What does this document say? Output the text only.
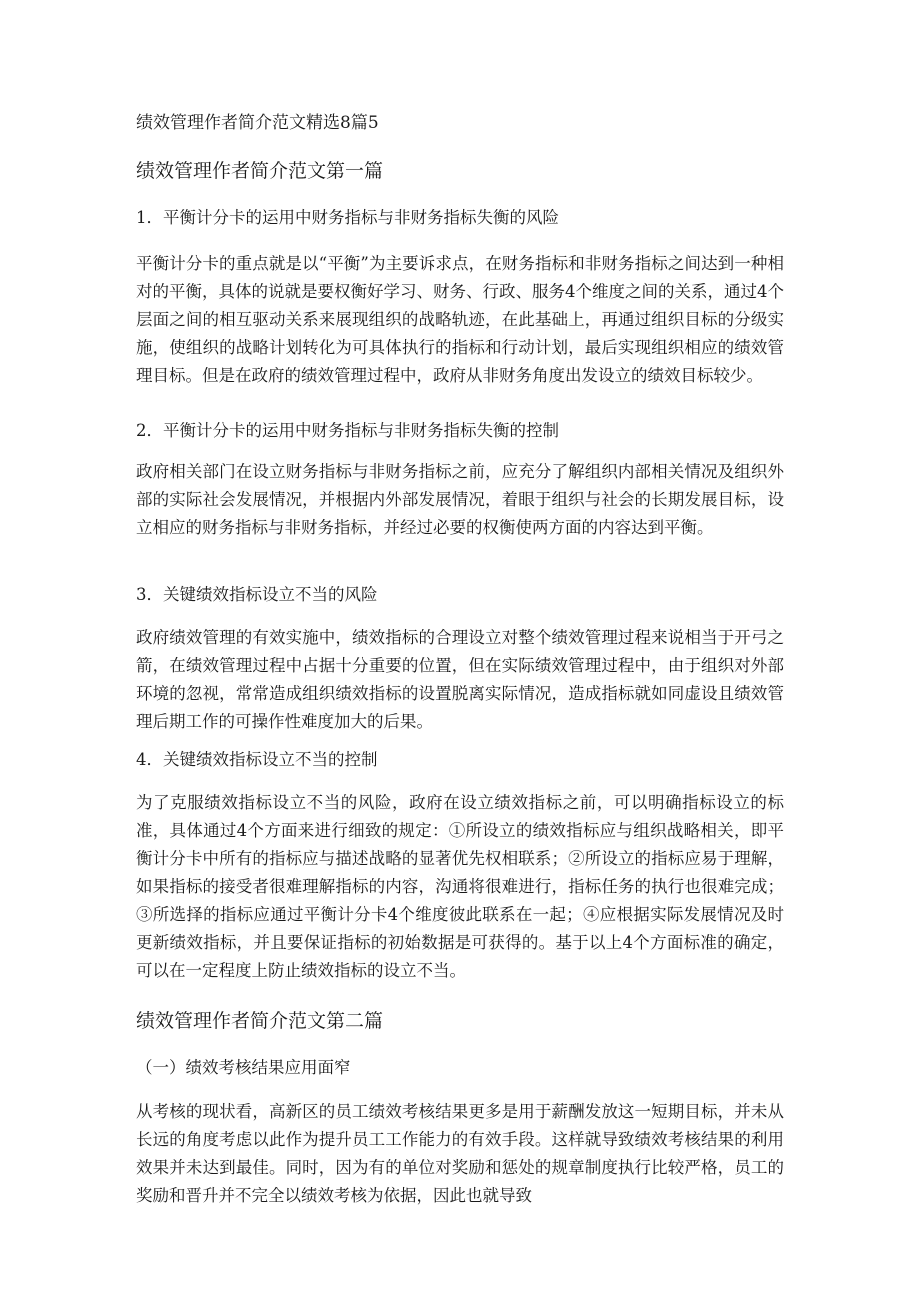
绩效管理作者简介范文精选8篇5
绩效管理作者简介范文第一篇
1．平衡计分卡的运用中财务指标与非财务指标失衡的风险
平衡计分卡的重点就是以“平衡”为主要诉求点，在财务指标和非财务指标之间达到一种相对的平衡，具体的说就是要权衡好学习、财务、行政、服务4个维度之间的关系，通过4个层面之间的相互驱动关系来展现组织的战略轨迹，在此基础上，再通过组织目标的分级实施，使组织的战略计划转化为可具体执行的指标和行动计划，最后实现组织相应的绩效管理目标。但是在政府的绩效管理过程中，政府从非财务角度出发设立的绩效目标较少。
2．平衡计分卡的运用中财务指标与非财务指标失衡的控制
政府相关部门在设立财务指标与非财务指标之前，应充分了解组织内部相关情况及组织外部的实际社会发展情况，并根据内外部发展情况，着眼于组织与社会的长期发展目标，设立相应的财务指标与非财务指标，并经过必要的权衡使两方面的内容达到平衡。
3．关键绩效指标设立不当的风险
政府绩效管理的有效实施中，绩效指标的合理设立对整个绩效管理过程来说相当于开弓之箭，在绩效管理过程中占据十分重要的位置，但在实际绩效管理过程中，由于组织对外部环境的忽视，常常造成组织绩效指标的设置脱离实际情况，造成指标就如同虚设且绩效管理后期工作的可操作性难度加大的后果。
4．关键绩效指标设立不当的控制
为了克服绩效指标设立不当的风险，政府在设立绩效指标之前，可以明确指标设立的标准，具体通过4个方面来进行细致的规定：①所设立的绩效指标应与组织战略相关，即平衡计分卡中所有的指标应与描述战略的显著优先权相联系；②所设立的指标应易于理解，如果指标的接受者很难理解指标的内容，沟通将很难进行，指标任务的执行也很难完成；③所选择的指标应通过平衡计分卡4个维度彼此联系在一起；④应根据实际发展情况及时更新绩效指标，并且要保证指标的初始数据是可获得的。基于以上4个方面标准的确定，可以在一定程度上防止绩效指标的设立不当。
绩效管理作者简介范文第二篇
（一）绩效考核结果应用面窄
从考核的现状看，高新区的员工绩效考核结果更多是用于薪酬发放这一短期目标，并未从长远的角度考虑以此作为提升员工工作能力的有效手段。这样就导致绩效考核结果的利用效果并未达到最佳。同时，因为有的单位对奖励和惩处的规章制度执行比较严格，员工的奖励和晋升并不完全以绩效考核为依据，因此也就导致
